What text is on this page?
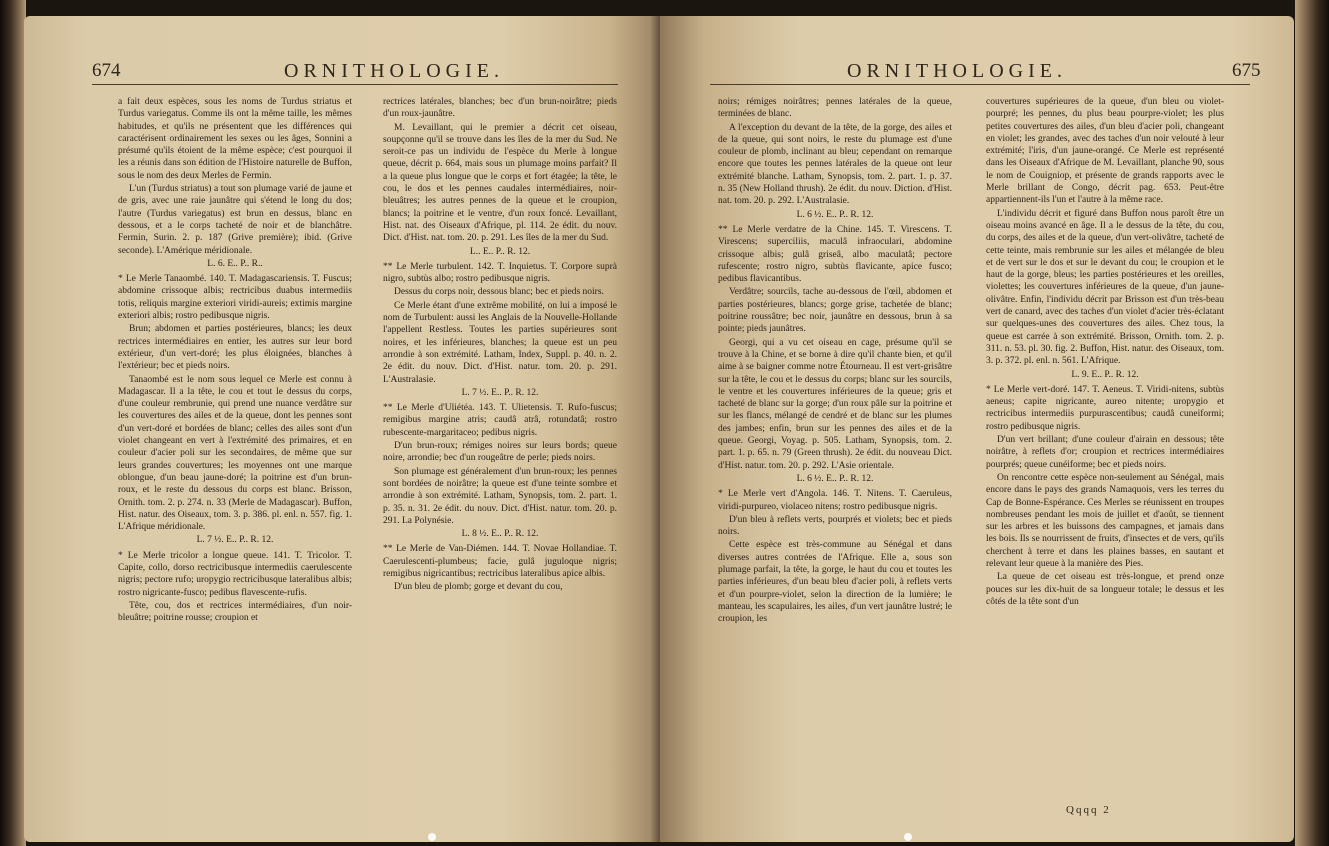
674	ORNITHOLOGIE.

a fait deux espèces, sous les noms de Turdus striatus et Turdus variegatus. Comme ils ont la même taille, les mêmes habitudes, et qu'ils ne présentent que les différences qui caractérisent ordinairement les sexes ou les âges, Sonnini a présumé qu'ils étoient de la même espèce; c'est pourquoi il les a réunis dans son édition de l'Histoire naturelle de Buffon, sous le nom des deux Merles de Fermin.

L'un (Turdus striatus) a tout son plumage varié de jaune et de gris, avec une raie jaunâtre qui s'étend le long du dos; l'autre (Turdus variegatus) est brun en dessus, blanc en dessous, et a le corps tacheté de noir et de blanchâtre. Fermin, Surin. 2. p. 187 (Grive première); ibid. (Grive seconde). L'Amérique méridionale.

L. 6. E.. P.. R..

* Le Merle Tanaombé. 140. T. Madagascariensis. T. Fuscus; abdomine crissoque albis; rectricibus duabus intermediis totis, reliquis margine exteriori viridi-aureis; extimis margine exteriori albis; rostro pedibusque nigris.

Brun; abdomen et parties postérieures, blancs; les deux rectrices intermédiaires en entier, les autres sur leur bord extérieur, d'un vert-doré; les plus éloignées, blanches à l'extérieur; bec et pieds noirs.

Tanaombé est le nom sous lequel ce Merle est connu à Madagascar. Il a la tête, le cou et tout le dessus du corps, d'une couleur rembrunie, qui prend une nuance verdâtre sur les couvertures des ailes et de la queue, dont les pennes sont d'un vert-doré et bordées de blanc; celles des ailes sont d'un violet changeant en vert à l'extrémité des primaires, et en couleur d'acier poli sur les secondaires, de même que sur leurs grandes couvertures; les moyennes ont une marque oblongue, d'un beau jaune-doré; la poitrine est d'un brun-roux, et le reste du dessous du corps est blanc. Brisson, Ornith. tom. 2. p. 274. n. 33 (Merle de Madagascar). Buffon, Hist. natur. des Oiseaux, tom. 3. p. 386. pl. enl. n. 557. fig. 1. L'Afrique méridionale.

L. 7 ½. E.. P.. R. 12.

* Le Merle tricolor a longue queue. 141. T. Tricolor. T. Capite, collo, dorso rectricibusque intermediis caerulescente nigris; pectore rufo; uropygio rectricibusque lateralibus albis; rostro nigricante-fusco; pedibus flavescente-rufis.

Tête, cou, dos et rectrices intermédiaires, d'un noir-bleuâtre; poitrine rousse; croupion et

rectrices latérales, blanches; bec d'un brun-noirâtre; pieds d'un roux-jaunâtre.

M. Levaillant, qui le premier a décrit cet oiseau, soupçonne qu'il se trouve dans les îles de la mer du Sud. Ne seroit-ce pas un individu de l'espèce du Merle à longue queue, décrit p. 664, mais sous un plumage moins parfait? Il a la queue plus longue que le corps et fort étagée; la tête, le cou, le dos et les pennes caudales intermédiaires, noir-bleuâtres; les autres pennes de la queue et le croupion, blancs; la poitrine et le ventre, d'un roux foncé. Levaillant, Hist. nat. des Oiseaux d'Afrique, pl. 114. 2e édit. du nouv. Dict. d'Hist. nat. tom. 20. p. 291. Les îles de la mer du Sud.

L.. E.. P.. R. 12.

** Le Merle turbulent. 142. T. Inquietus. T. Corpore suprà nigro, subtùs albo; rostro pedibusque nigris.

Dessus du corps noir, dessous blanc; bec et pieds noirs.

Ce Merle étant d'une extrême mobilité, on lui a imposé le nom de Turbulent: aussi les Anglais de la Nouvelle-Hollande l'appellent Restless. Toutes les parties supérieures sont noires, et les inférieures, blanches; la queue est un peu arrondie à son extrémité. Latham, Index, Suppl. p. 40. n. 2. 2e édit. du nouv. Dict. d'Hist. natur. tom. 20. p. 291. L'Australasie.

L. 7 ½. E.. P.. R. 12.

** Le Merle d'Uliétéa. 143. T. Ulietensis. T. Rufo-fuscus; remigibus margine atris; caudâ atrâ, rotundatâ; rostro rubescente-margaritaceo; pedibus nigris.

D'un brun-roux; rémiges noires sur leurs bords; queue noire, arrondie; bec d'un rougeâtre de perle; pieds noirs.

Son plumage est généralement d'un brun-roux; les pennes sont bordées de noirâtre; la queue est d'une teinte sombre et arrondie à son extrémité. Latham, Synopsis, tom. 2. part. 1. p. 35. n. 31. 2e édit. du nouv. Dict. d'Hist. natur. tom. 20. p. 291. La Polynésie.

L. 8 ½. E.. P.. R. 12.

** Le Merle de Van-Diémen. 144. T. Novae Hollandiae. T. Caerulescenti-plumbeus; facie, gulâ juguloque nigris; remigibus nigricantibus; rectricibus lateralibus apice albis.

D'un bleu de plomb; gorge et devant du cou,

ORNITHOLOGIE.	675

noirs; rémiges noirâtres; pennes latérales de la queue, terminées de blanc.

A l'exception du devant de la tête, de la gorge, des ailes et de la queue, qui sont noirs, le reste du plumage est d'une couleur de plomb, inclinant au bleu; cependant on remarque encore que toutes les pennes latérales de la queue ont leur extrémité blanche. Latham, Synopsis, tom. 2. part. 1. p. 37. n. 35 (New Holland thrush). 2e édit. du nouv. Diction. d'Hist. nat. tom. 20. p. 292. L'Australasie.

L. 6 ½. E.. P.. R. 12.

** Le Merle verdatre de la Chine. 145. T. Virescens. T. Virescens; superciliis, maculâ infraoculari, abdomine crissoque albis; gulâ griseâ, albo maculatâ; pectore rufescente; rostro nigro, subtùs flavicante, apice fusco; pedibus flavicantibus.

Verdâtre; sourcils, tache au-dessous de l'œil, abdomen et parties postérieures, blancs; gorge grise, tachetée de blanc; poitrine roussâtre; bec noir, jaunâtre en dessous, brun à sa pointe; pieds jaunâtres.

Georgi, qui a vu cet oiseau en cage, présume qu'il se trouve à la Chine, et se borne à dire qu'il chante bien, et qu'il aime à se baigner comme notre Étourneau. Il est vert-grisâtre sur la tête, le cou et le dessus du corps; blanc sur les sourcils, le ventre et les couvertures inférieures de la queue; gris et tacheté de blanc sur la gorge; d'un roux pâle sur la poitrine et sur les flancs, mélangé de cendré et de blanc sur les plumes des jambes; enfin, brun sur les pennes des ailes et de la queue. Georgi, Voyag. p. 505. Latham, Synopsis, tom. 2. part. 1. p. 65. n. 79 (Green thrush). 2e édit. du nouveau Dict. d'Hist. natur. tom. 20. p. 292. L'Asie orientale.

L. 6 ½. E.. P.. R. 12.

* Le Merle vert d'Angola. 146. T. Nitens. T. Caeruleus, viridi-purpureo, violaceo nitens; rostro pedibusque nigris.

D'un bleu à reflets verts, pourprés et violets; bec et pieds noirs.

Cette espèce est très-commune au Sénégal et dans diverses autres contrées de l'Afrique. Elle a, sous son plumage parfait, la tête, la gorge, le haut du cou et toutes les parties inférieures, d'un beau bleu d'acier poli, à reflets verts et d'un pourpre-violet, selon la direction de la lumière; le manteau, les scapulaires, les ailes, d'un vert jaunâtre lustré; le croupion, les

couvertures supérieures de la queue, d'un bleu ou violet-pourpré; les pennes, du plus beau pourpre-violet; les plus petites couvertures des ailes, d'un bleu d'acier poli, changeant en violet; les grandes, avec des taches d'un noir velouté à leur extrémité; l'iris, d'un jaune-orangé. Ce Merle est représenté dans les Oiseaux d'Afrique de M. Levaillant, planche 90, sous le nom de Couigniop, et présente de grands rapports avec le Merle brillant de Congo, décrit pag. 653. Peut-être appartiennent-ils l'un et l'autre à la même race.

L'individu décrit et figuré dans Buffon nous paroît être un oiseau moins avancé en âge. Il a le dessus de la tête, du cou, du corps, des ailes et de la queue, d'un vert-olivâtre, tacheté de cette teinte, mais rembrunie sur les ailes et mélangée de bleu et de vert sur le dos et sur le devant du cou; le croupion et le haut de la gorge, bleus; les parties postérieures et les oreilles, violettes; les couvertures inférieures de la queue, d'un jaune-olivâtre. Enfin, l'individu décrit par Brisson est d'un très-beau vert de canard, avec des taches d'un violet d'acier très-éclatant sur quelques-unes des couvertures des ailes. Chez tous, la queue est carrée à son extrémité. Brisson, Ornith. tom. 2. p. 311. n. 53. pl. 30. fig. 2. Buffon, Hist. natur. des Oiseaux, tom. 3. p. 372. pl. enl. n. 561. L'Afrique.

L. 9. E.. P.. R. 12.

* Le Merle vert-doré. 147. T. Aeneus. T. Viridi-nitens, subtùs aeneus; capite nigricante, aureo nitente; uropygio et rectricibus intermediis purpurascentibus; caudâ cuneiformi; rostro pedibusque nigris.

D'un vert brillant; d'une couleur d'airain en dessous; tête noirâtre, à reflets d'or; croupion et rectrices intermédiaires pourprés; queue cunéiforme; bec et pieds noirs.

On rencontre cette espèce non-seulement au Sénégal, mais encore dans le pays des grands Namaquois, vers les terres du Cap de Bonne-Espérance. Ces Merles se réunissent en troupes nombreuses pendant les mois de juillet et d'août, se tiennent sur les arbres et les buissons des campagnes, et jamais dans les bois. Ils se nourrissent de fruits, d'insectes et de vers, qu'ils cherchent à terre et dans les plaines basses, en sautant et relevant leur queue à la manière des Pies.

La queue de cet oiseau est très-longue, et prend onze pouces sur les dix-huit de sa longueur totale; le dessus et les côtés de la tête sont d'un

Qqqq 2
